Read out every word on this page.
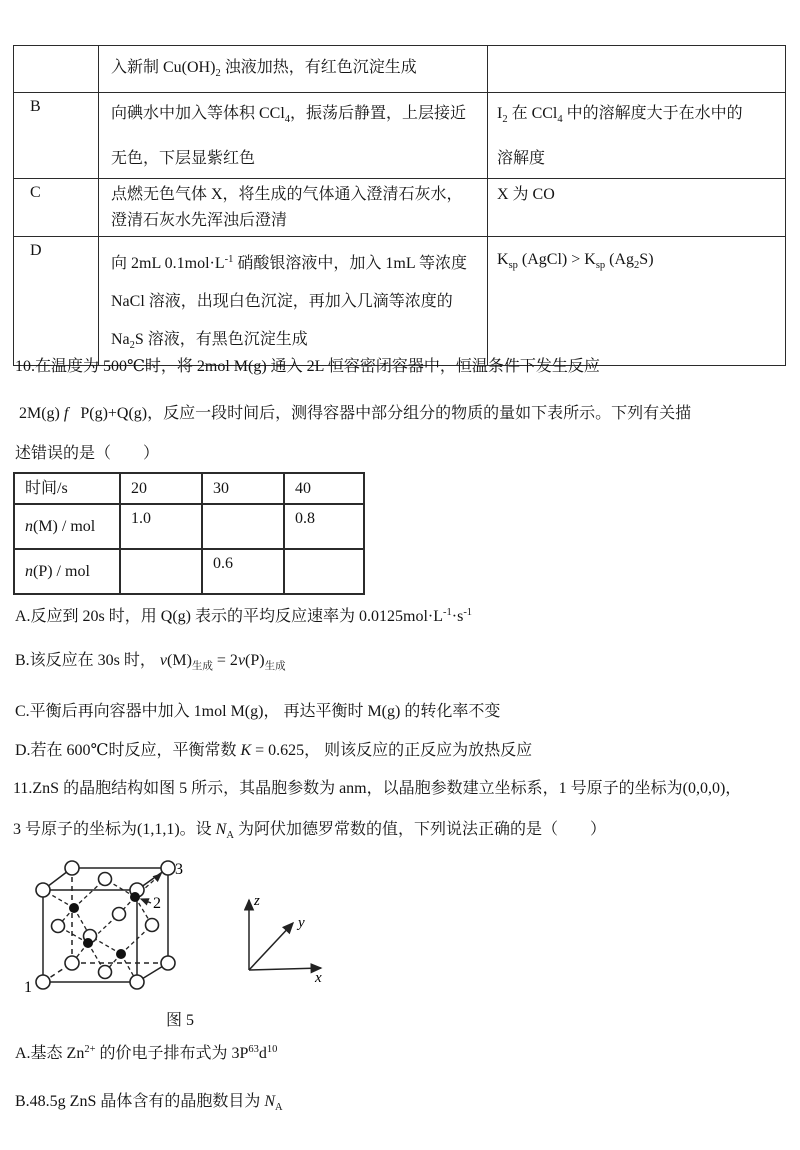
	入新制 $Cu(OH)_2$ 浊液加热，有红色沉淀生成	
B	向碘水中加入等体积 CCl$_4$，振荡后静置，上层接近
无色，下层显紫红色	$I_2$ 在 CCl$_4$ 中的溶解度大于在水中的
溶解度
C	点燃无色气体 X，将生成的气体通入澄清石灰水，
澄清石灰水先浑浊后澄清	X 为 CO
D	向 2mL $0.1mol\cdot L^{-1}$ 硝酸银溶液中，加入 1mL 等浓度
NaCl 溶液，出现白色沉淀，再加入几滴等浓度的
$Na_2S$ 溶液，有黑色沉淀生成	$K_{sp}$ (AgCl) > $K_{sp}$ $(Ag_2S)$
10.在温度为 500℃时，将 2mol M(g) 通入 2L 恒容密闭容器中，恒温条件下发生反应
2M(g) f   P(g)+Q(g)，反应一段时间后，测得容器中部分组分的物质的量如下表所示。下列有关描
述错误的是（　　）
时间/s	20	30	40
n(M) / mol	1.0		0.8
n(P) / mol		0.6	
A.反应到 20s 时，用 Q(g) 表示的平均反应速率为 $0.0125mol\cdot L^{-1}\cdot s^{-1}$
B.该反应在 30s 时， $v(M)_{生成} = 2v(P)_{生成}$
C.平衡后再向容器中加入 1mol M(g)， 再达平衡时 M(g) 的转化率不变
D.若在 600℃时反应，平衡常数 K = 0.625， 则该反应的正反应为放热反应
11.ZnS 的晶胞结构如图 5 所示，其晶胞参数为 anm，以晶胞参数建立坐标系，1 号原子的坐标为(0,0,0)，
3 号原子的坐标为(1,1,1)。设 $N_A$ 为阿伏加德罗常数的值，下列说法正确的是（　　）
1
2
3
z
y
x
图 5
A.基态 $Zn^{2+}$ 的价电子排布式为 $3P^{63}d^{10}$
B.48.5g ZnS 晶体含有的晶胞数目为 $N_A$
